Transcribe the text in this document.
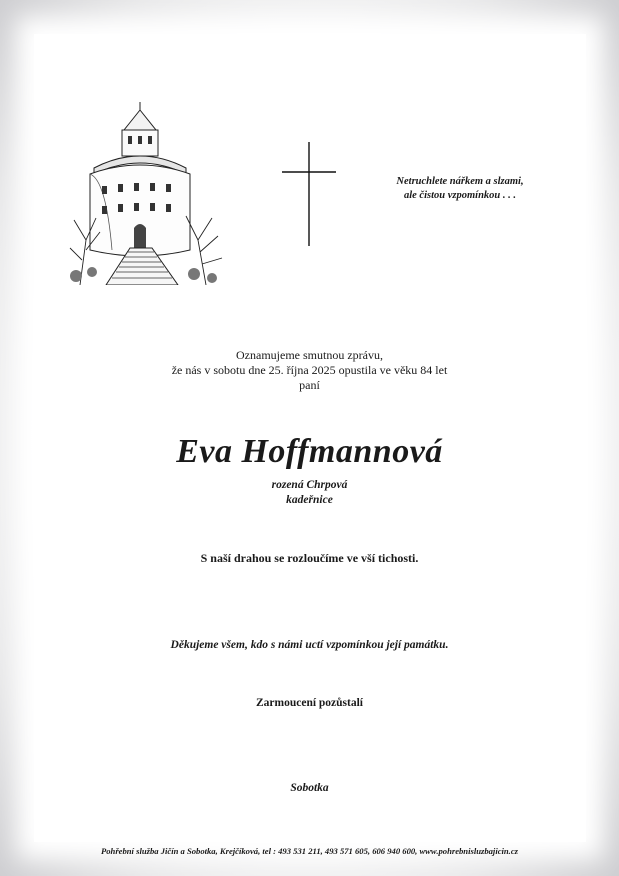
Netruchlete nářkem a slzami,
ale čistou vzpomínkou . . .
Oznamujeme smutnou zprávu,
že nás v sobotu dne 25. října 2025 opustila ve věku 84 let
paní
Eva Hoffmannová
rozená Chrpová
kadeřnice
S naší drahou se rozloučíme ve vší tichosti.
Děkujeme všem, kdo s námi uctí vzpomínkou její památku.
Zarmoucení pozůstalí
Sobotka
Pohřební služba Jičín a Sobotka, Krejčíková, tel : 493 531 211, 493 571 605, 606 940 600, www.pohrebnisluzbajicin.cz
